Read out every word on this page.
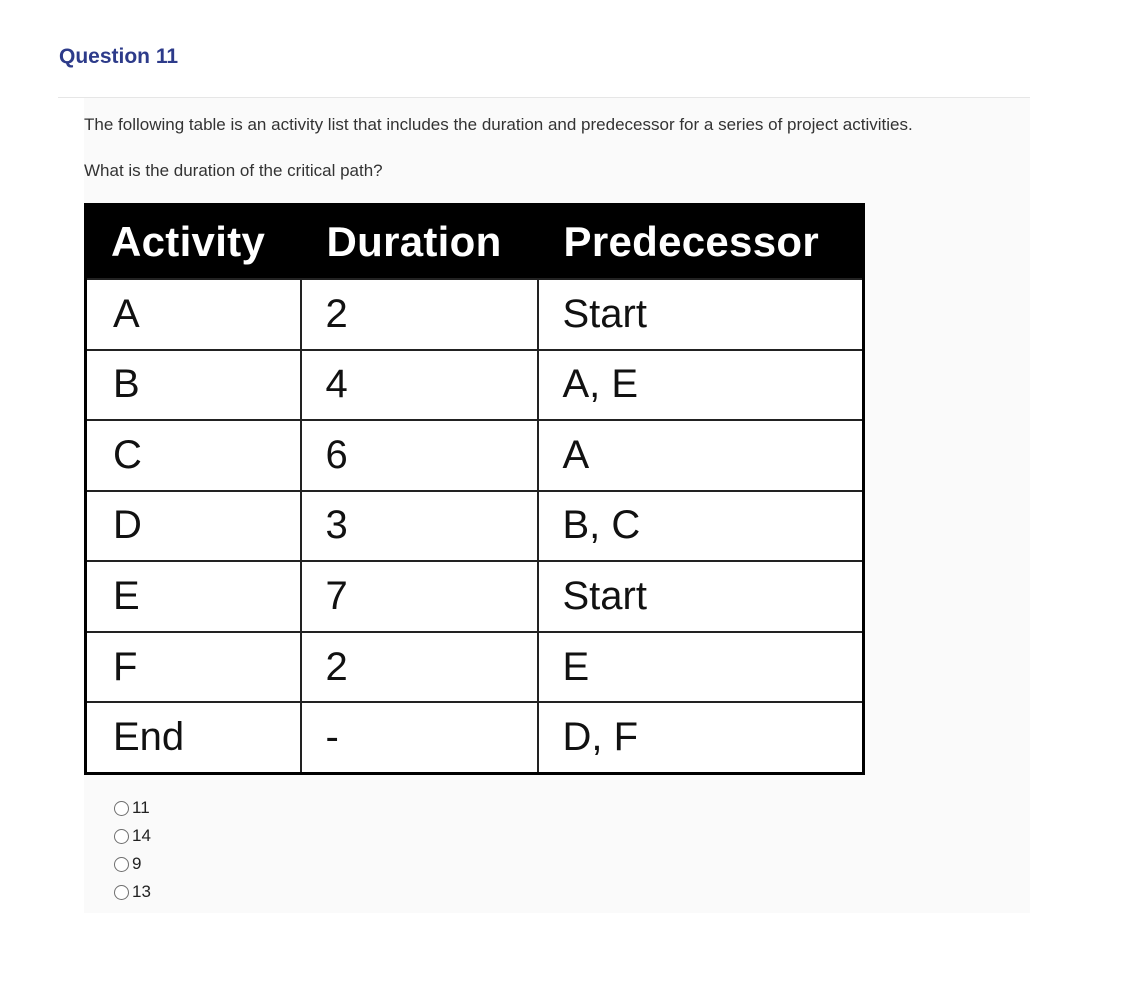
Question 11

The following table is an activity list that includes the duration and predecessor for a series of project activities.

What is the duration of the critical path?

Activity	Duration	Predecessor
A	2	Start
B	4	A, E
C	6	A
D	3	B, C
E	7	Start
F	2	E
End	-	D, F
11
14
9
13
